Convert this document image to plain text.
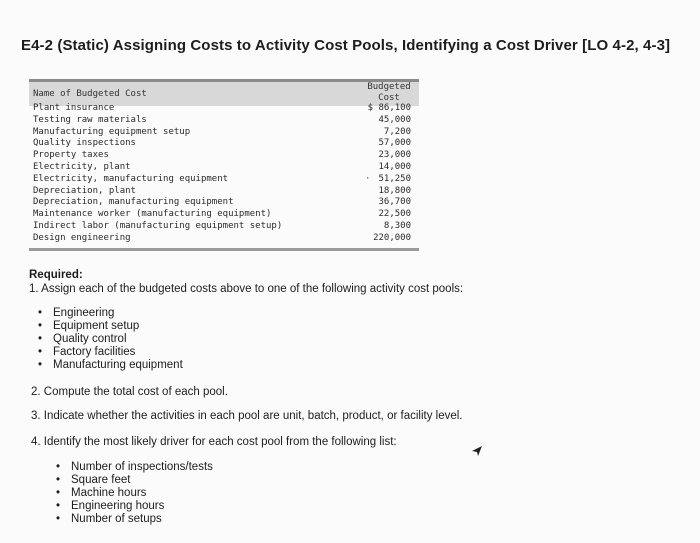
E4-2 (Static) Assigning Costs to Activity Cost Pools, Identifying a Cost Driver [LO 4-2, 4-3]
Name of Budgeted Cost
Budgeted
Cost
Plant insurance	$ 86,100
Testing raw materials	45,000
Manufacturing equipment setup	7,200
Quality inspections	57,000
Property taxes	23,000
Electricity, plant	14,000
Electricity, manufacturing equipment	· 51,250
Depreciation, plant	18,800
Depreciation, manufacturing equipment	36,700
Maintenance worker (manufacturing equipment)	22,500
Indirect labor (manufacturing equipment setup)	8,300
Design engineering	220,000
Required:
1. Assign each of the budgeted costs above to one of the following activity cost pools:
• Engineering
• Equipment setup
• Quality control
• Factory facilities
• Manufacturing equipment
2. Compute the total cost of each pool.
3. Indicate whether the activities in each pool are unit, batch, product, or facility level.
4. Identify the most likely driver for each cost pool from the following list:
• Number of inspections/tests
• Square feet
• Machine hours
• Engineering hours
• Number of setups
